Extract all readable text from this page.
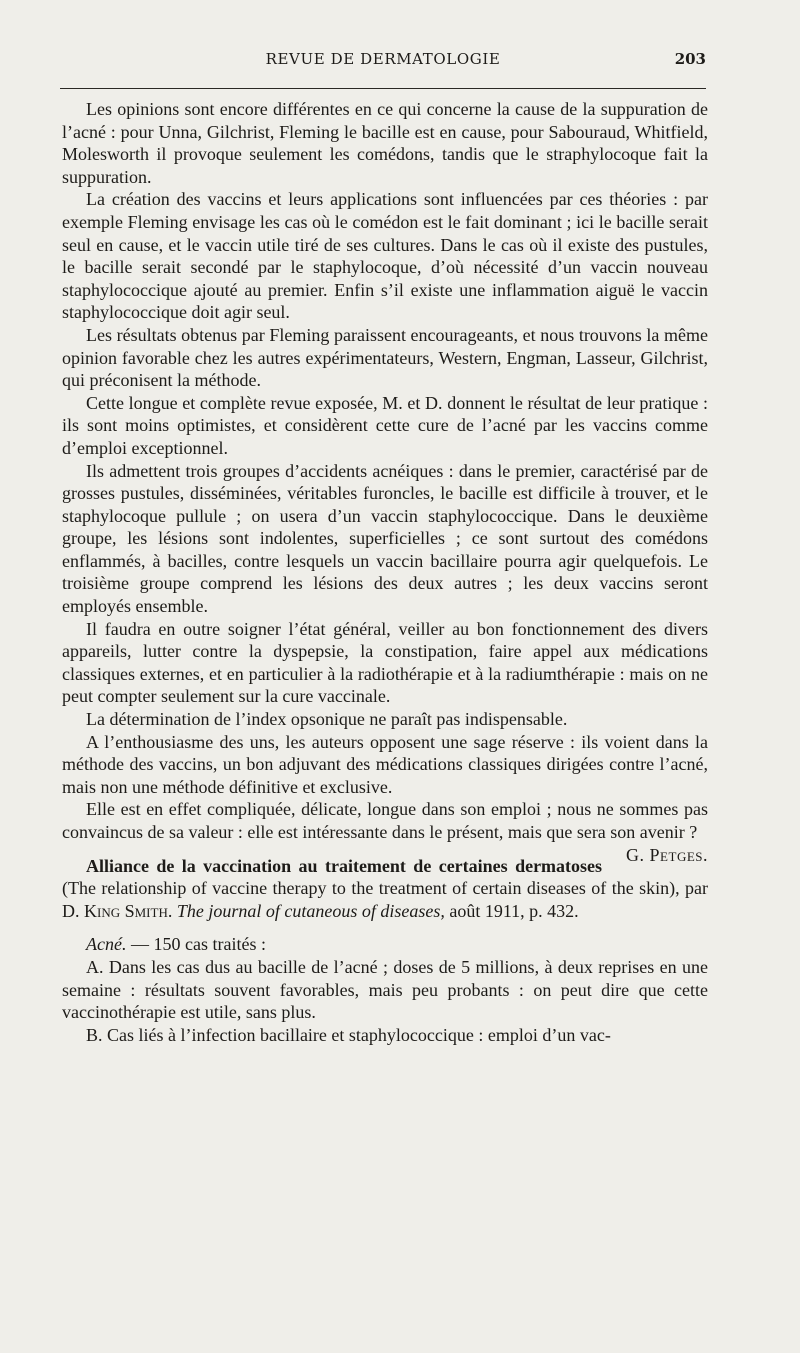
REVUE DE DERMATOLOGIE	203

Les opinions sont encore différentes en ce qui concerne la cause de la suppuration de l’acné : pour Unna, Gilchrist, Fleming le bacille est en cause, pour Sabouraud, Whitfield, Molesworth il provoque seulement les comédons, tandis que le straphylocoque fait la suppuration.

La création des vaccins et leurs applications sont influencées par ces théories : par exemple Fleming envisage les cas où le comédon est le fait dominant ; ici le bacille serait seul en cause, et le vaccin utile tiré de ses cultures. Dans le cas où il existe des pustules, le bacille serait secondé par le staphylocoque, d’où nécessité d’un vaccin nouveau staphylococcique ajouté au premier. Enfin s’il existe une inflammation aiguë le vaccin staphylococcique doit agir seul.

Les résultats obtenus par Fleming paraissent encourageants, et nous trouvons la même opinion favorable chez les autres expérimentateurs, Western, Engman, Lasseur, Gilchrist, qui préconisent la méthode.

Cette longue et complète revue exposée, M. et D. donnent le résultat de leur pratique : ils sont moins optimistes, et considèrent cette cure de l’acné par les vaccins comme d’emploi exceptionnel.

Ils admettent trois groupes d’accidents acnéiques : dans le premier, caractérisé par de grosses pustules, disséminées, véritables furoncles, le bacille est difficile à trouver, et le staphylocoque pullule ; on usera d’un vaccin staphylococcique. Dans le deuxième groupe, les lésions sont indolentes, superficielles ; ce sont surtout des comédons enflammés, à bacilles, contre lesquels un vaccin bacillaire pourra agir quelquefois. Le troisième groupe comprend les lésions des deux autres ; les deux vaccins seront employés ensemble.

Il faudra en outre soigner l’état général, veiller au bon fonctionnement des divers appareils, lutter contre la dyspepsie, la constipation, faire appel aux médications classiques externes, et en particulier à la radiothérapie et à la radiumthérapie : mais on ne peut compter seulement sur la cure vaccinale.

La détermination de l’index opsonique ne paraît pas indispensable.

A l’enthousiasme des uns, les auteurs opposent une sage réserve : ils voient dans la méthode des vaccins, un bon adjuvant des médications classiques dirigées contre l’acné, mais non une méthode définitive et exclusive.

Elle est en effet compliquée, délicate, longue dans son emploi ; nous ne sommes pas convaincus de sa valeur : elle est intéressante dans le présent, mais que sera son avenir ?
G. Petges.

Alliance de la vaccination au traitement de certaines dermatoses (The relationship of vaccine therapy to the treatment of certain diseases of the skin), par D. King Smith. The journal of cutaneous of diseases, août 1911, p. 432.

Acné. — 150 cas traités :

A. Dans les cas dus au bacille de l’acné ; doses de 5 millions, à deux reprises en une semaine : résultats souvent favorables, mais peu probants : on peut dire que cette vaccinothérapie est utile, sans plus.

B. Cas liés à l’infection bacillaire et staphylococcique : emploi d’un vac-
